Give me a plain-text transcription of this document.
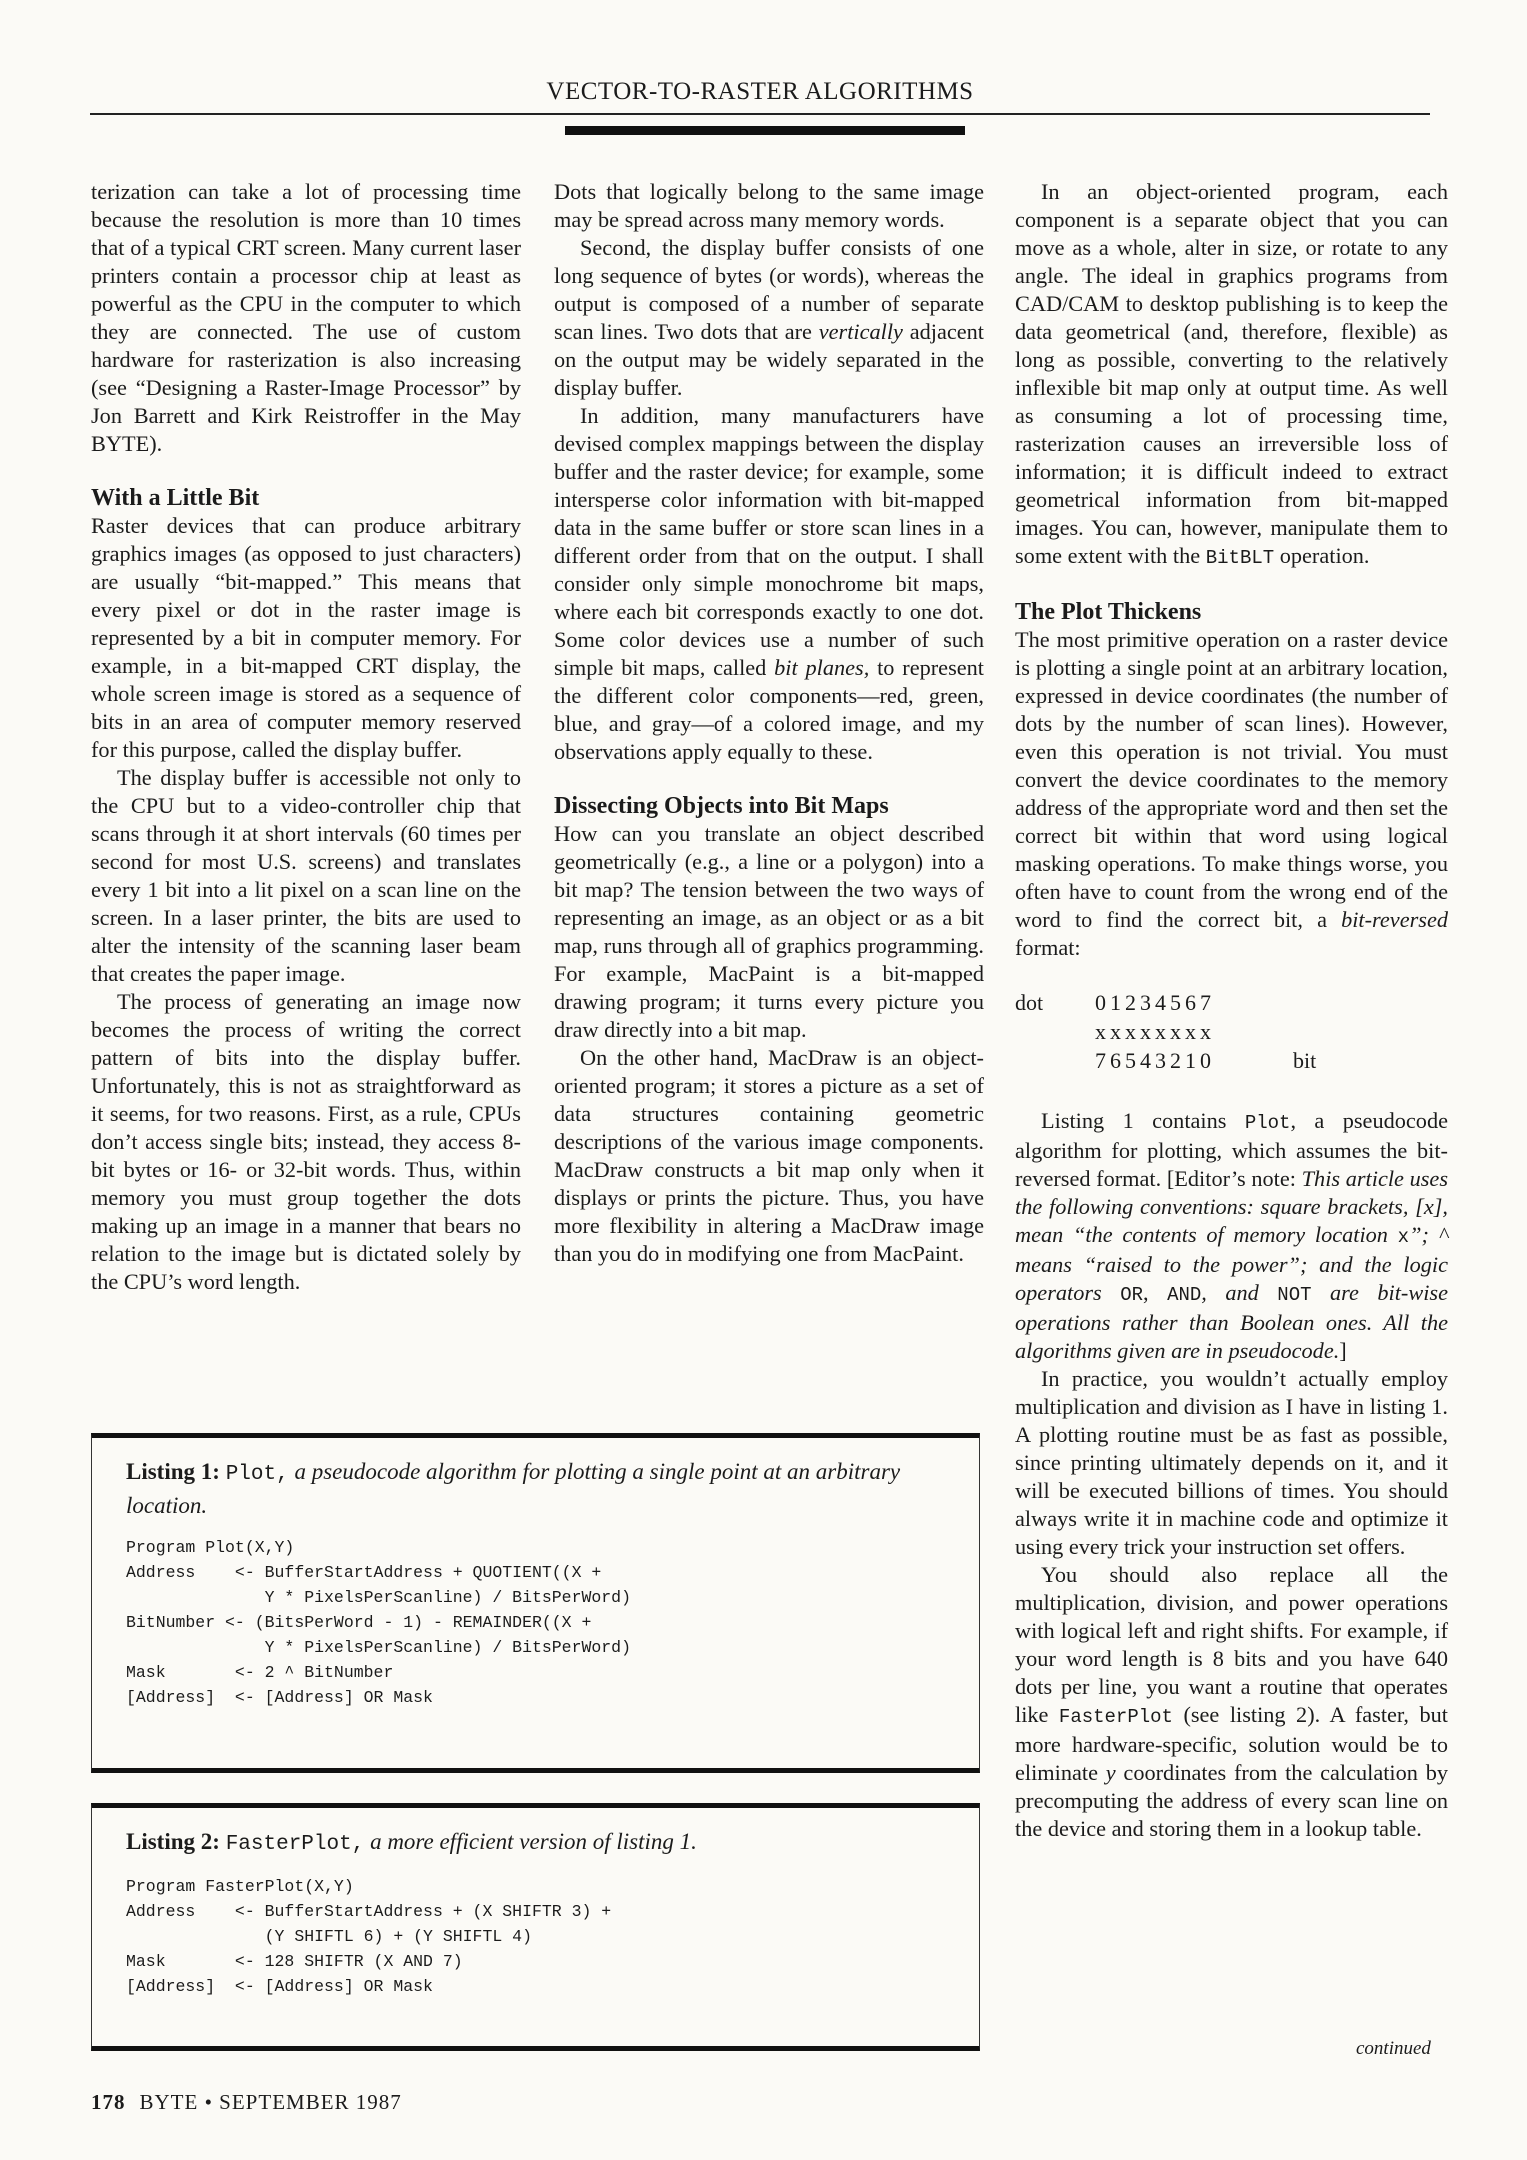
VECTOR-TO-RASTER ALGORITHMS

terization can take a lot of processing time because the resolution is more than 10 times that of a typical CRT screen. Many current laser printers contain a processor chip at least as powerful as the CPU in the computer to which they are connected. The use of custom hardware for rasterization is also increasing (see “Designing a Raster-Image Processor” by Jon Barrett and Kirk Reistroffer in the May BYTE).

With a Little Bit

Raster devices that can produce arbitrary graphics images (as opposed to just characters) are usually “bit-mapped.” This means that every pixel or dot in the raster image is represented by a bit in computer memory. For example, in a bit-mapped CRT display, the whole screen image is stored as a sequence of bits in an area of computer memory reserved for this purpose, called the display buffer.

The display buffer is accessible not only to the CPU but to a video-controller chip that scans through it at short intervals (60 times per second for most U.S. screens) and translates every 1 bit into a lit pixel on a scan line on the screen. In a laser printer, the bits are used to alter the intensity of the scanning laser beam that creates the paper image.

The process of generating an image now becomes the process of writing the correct pattern of bits into the display buffer. Unfortunately, this is not as straightforward as it seems, for two reasons. First, as a rule, CPUs don’t access single bits; instead, they access 8-bit bytes or 16- or 32-bit words. Thus, within memory you must group together the dots making up an image in a manner that bears no relation to the image but is dictated solely by the CPU’s word length.

Dots that logically belong to the same image may be spread across many memory words.

Second, the display buffer consists of one long sequence of bytes (or words), whereas the output is composed of a number of separate scan lines. Two dots that are vertically adjacent on the output may be widely separated in the display buffer.

In addition, many manufacturers have devised complex mappings between the display buffer and the raster device; for example, some intersperse color information with bit-mapped data in the same buffer or store scan lines in a different order from that on the output. I shall consider only simple monochrome bit maps, where each bit corresponds exactly to one dot. Some color devices use a number of such simple bit maps, called bit planes, to represent the different color components—red, green, blue, and gray—of a colored image, and my observations apply equally to these.

Dissecting Objects into Bit Maps

How can you translate an object described geometrically (e.g., a line or a polygon) into a bit map? The tension between the two ways of representing an image, as an object or as a bit map, runs through all of graphics programming. For example, MacPaint is a bit-mapped drawing program; it turns every picture you draw directly into a bit map.

On the other hand, MacDraw is an object-oriented program; it stores a picture as a set of data structures containing geometric descriptions of the various image components. MacDraw constructs a bit map only when it displays or prints the picture. Thus, you have more flexibility in altering a MacDraw image than you do in modifying one from MacPaint.

In an object-oriented program, each component is a separate object that you can move as a whole, alter in size, or rotate to any angle. The ideal in graphics programs from CAD/CAM to desktop publishing is to keep the data geometrical (and, therefore, flexible) as long as possible, converting to the relatively inflexible bit map only at output time. As well as consuming a lot of processing time, rasterization causes an irreversible loss of information; it is difficult indeed to extract geometrical information from bit-mapped images. You can, however, manipulate them to some extent with the BitBLT operation.

The Plot Thickens

The most primitive operation on a raster device is plotting a single point at an arbitrary location, expressed in device coordinates (the number of dots by the number of scan lines). However, even this operation is not trivial. You must convert the device coordinates to the memory address of the appropriate word and then set the correct bit within that word using logical masking operations. To make things worse, you often have to count from the wrong end of the word to find the correct bit, a bit-reversed format:

dot	01234567
xxxxxxxx
76543210	bit

Listing 1 contains Plot, a pseudocode algorithm for plotting, which assumes the bit-reversed format. [Editor’s note: This article uses the following conventions: square brackets, [x], mean “the contents of memory location x”; ^ means “raised to the power”; and the logic operators OR, AND, and NOT are bit-wise operations rather than Boolean ones. All the algorithms given are in pseudocode.]

In practice, you wouldn’t actually employ multiplication and division as I have in listing 1. A plotting routine must be as fast as possible, since printing ultimately depends on it, and it will be executed billions of times. You should always write it in machine code and optimize it using every trick your instruction set offers.

You should also replace all the multiplication, division, and power operations with logical left and right shifts. For example, if your word length is 8 bits and you have 640 dots per line, you want a routine that operates like FasterPlot (see listing 2). A faster, but more hardware-specific, solution would be to eliminate y coordinates from the calculation by precomputing the address of every scan line on the device and storing them in a lookup table.

Listing 1: Plot, a pseudocode algorithm for plotting a single point at an arbitrary location.
Program Plot(X,Y)
Address    <- BufferStartAddress + QUOTIENT((X +
Y * PixelsPerScanline) / BitsPerWord)
BitNumber <- (BitsPerWord - 1) - REMAINDER((X +
Y * PixelsPerScanline) / BitsPerWord)
Mask       <- 2 ^ BitNumber
[Address]  <- [Address] OR Mask
Listing 2: FasterPlot, a more efficient version of listing 1.
Program FasterPlot(X,Y)
Address    <- BufferStartAddress + (X SHIFTR 3) +
(Y SHIFTL 6) + (Y SHIFTL 4)
Mask       <- 128 SHIFTR (X AND 7)
[Address]  <- [Address] OR Mask
continued
178 BYTE • SEPTEMBER 1987
